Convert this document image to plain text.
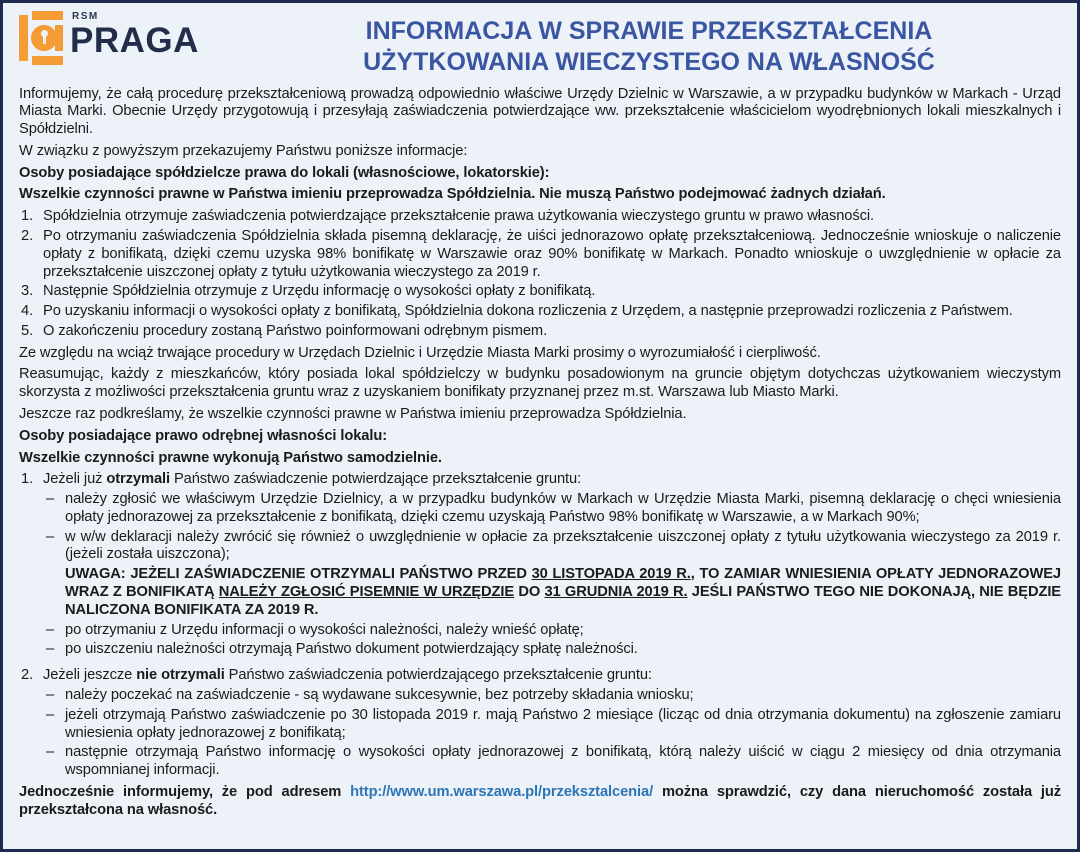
RSM
PRAGA	INFORMACJA W SPRAWIE PRZEKSZTAŁCENIA
UŻYTKOWANIA WIECZYSTEGO NA WŁASNOŚĆ

Informujemy, że całą procedurę przekształceniową prowadzą odpowiednio właściwe Urzędy Dzielnic w Warszawie, a w przypadku budynków w Markach - Urząd Miasta Marki. Obecnie Urzędy przygotowują i przesyłają zaświadczenia potwierdzające ww. przekształcenie właścicielom wyodrębnionych lokali mieszkalnych i Spółdzielni.

W związku z powyższym przekazujemy Państwu poniższe informacje:

Osoby posiadające spółdzielcze prawa do lokali (własnościowe, lokatorskie):

Wszelkie czynności prawne w Państwa imieniu przeprowadza Spółdzielnia. Nie muszą Państwo podejmować żadnych działań.

1. Spółdzielnia otrzymuje zaświadczenia potwierdzające przekształcenie prawa użytkowania wieczystego gruntu w prawo własności.
2. Po otrzymaniu zaświadczenia Spółdzielnia składa pisemną deklarację, że uiści jednorazowo opłatę przekształceniową. Jednocześnie wnioskuje o naliczenie opłaty z bonifikatą, dzięki czemu uzyska 98% bonifikatę w Warszawie oraz 90% bonifikatę w Markach. Ponadto wnioskuje o uwzględnienie w opłacie za przekształcenie uiszczonej opłaty z tytułu użytkowania wieczystego za 2019 r.
3. Następnie Spółdzielnia otrzymuje z Urzędu informację o wysokości opłaty z bonifikatą.
4. Po uzyskaniu informacji o wysokości opłaty z bonifikatą, Spółdzielnia dokona rozliczenia z Urzędem, a następnie przeprowadzi rozliczenia z Państwem.
5. O zakończeniu procedury zostaną Państwo poinformowani odrębnym pismem.

Ze względu na wciąż trwające procedury w Urzędach Dzielnic i Urzędzie Miasta Marki prosimy o wyrozumiałość i cierpliwość.

Reasumując, każdy z mieszkańców, który posiada lokal spółdzielczy w budynku posadowionym na gruncie objętym dotychczas użytkowaniem wieczystym skorzysta z możliwości przekształcenia gruntu wraz z uzyskaniem bonifikaty przyznanej przez m.st. Warszawa lub Miasto Marki.

Jeszcze raz podkreślamy, że wszelkie czynności prawne w Państwa imieniu przeprowadza Spółdzielnia.

Osoby posiadające prawo odrębnej własności lokalu:

Wszelkie czynności prawne wykonują Państwo samodzielnie.

1. Jeżeli już otrzymali Państwo zaświadczenie potwierdzające przekształcenie gruntu:
– należy zgłosić we właściwym Urzędzie Dzielnicy, a w przypadku budynków w Markach w Urzędzie Miasta Marki, pisemną deklarację o chęci wniesienia opłaty jednorazowej za przekształcenie z bonifikatą, dzięki czemu uzyskają Państwo 98% bonifikatę w Warszawie, a w Markach 90%;
– w w/w deklaracji należy zwrócić się również o uwzględnienie w opłacie za przekształcenie uiszczonej opłaty z tytułu użytkowania wieczystego za 2019 r. (jeżeli została uiszczona);
UWAGA: JEŻELI ZAŚWIADCZENIE OTRZYMALI PAŃSTWO PRZED 30 LISTOPADA 2019 R., TO ZAMIAR WNIESIENIA OPŁATY JEDNORAZOWEJ WRAZ Z BONIFIKATĄ NALEŻY ZGŁOSIĆ PISEMNIE W URZĘDZIE DO 31 GRUDNIA 2019 R. JEŚLI PAŃSTWO TEGO NIE DOKONAJĄ, NIE BĘDZIE NALICZONA BONIFIKATA ZA 2019 R.
– po otrzymaniu z Urzędu informacji o wysokości należności, należy wnieść opłatę;
– po uiszczeniu należności otrzymają Państwo dokument potwierdzający spłatę należności.
2. Jeżeli jeszcze nie otrzymali Państwo zaświadczenia potwierdzającego przekształcenie gruntu:
– należy poczekać na zaświadczenie - są wydawane sukcesywnie, bez potrzeby składania wniosku;
– jeżeli otrzymają Państwo zaświadczenie po 30 listopada 2019 r. mają Państwo 2 miesiące (licząc od dnia otrzymania dokumentu) na zgłoszenie zamiaru wniesienia opłaty jednorazowej z bonifikatą;
– następnie otrzymają Państwo informację o wysokości opłaty jednorazowej z bonifikatą, którą należy uiścić w ciągu 2 miesięcy od dnia otrzymania wspomnianej informacji.

Jednocześnie informujemy, że pod adresem http://www.um.warszawa.pl/przeksztalcenia/ można sprawdzić, czy dana nieruchomość została już przekształcona na własność.
